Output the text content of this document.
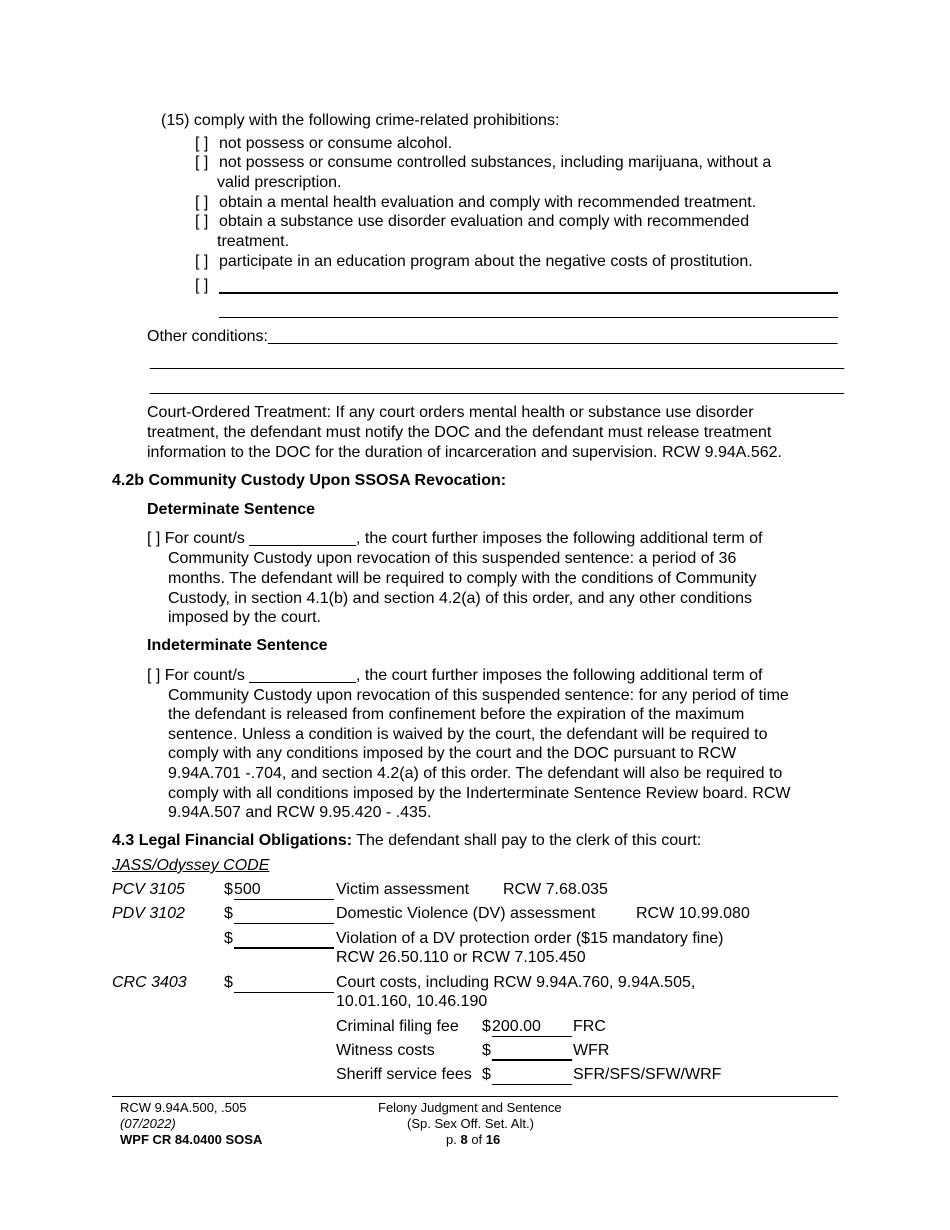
(15) comply with the following crime-related prohibitions:
[ ] not possess or consume alcohol.
[ ] not possess or consume controlled substances, including marijuana, without a
valid prescription.
[ ] obtain a mental health evaluation and comply with recommended treatment.
[ ] obtain a substance use disorder evaluation and comply with recommended
treatment.
[ ] participate in an education program about the negative costs of prostitution.
[ ]
Other conditions:________________________________________________________________
______________________________________________________________________________
______________________________________________________________________________
Court-Ordered Treatment: If any court orders mental health or substance use disorder
treatment, the defendant must notify the DOC and the defendant must release treatment
information to the DOC for the duration of incarceration and supervision. RCW 9.94A.562.
4.2b Community Custody Upon SSOSA Revocation:
Determinate Sentence
[ ] For count/s ____________, the court further imposes the following additional term of
Community Custody upon revocation of this suspended sentence: a period of 36
months. The defendant will be required to comply with the conditions of Community
Custody, in section 4.1(b) and section 4.2(a) of this order, and any other conditions
imposed by the court.
Indeterminate Sentence
[ ] For count/s ____________, the court further imposes the following additional term of
Community Custody upon revocation of this suspended sentence: for any period of time
the defendant is released from confinement before the expiration of the maximum
sentence. Unless a condition is waived by the court, the defendant will be required to
comply with any conditions imposed by the court and the DOC pursuant to RCW
9.94A.701 -.704, and section 4.2(a) of this order. The defendant will also be required to
comply with all conditions imposed by the Inderterminate Sentence Review board. RCW
9.94A.507 and RCW 9.95.420 - .435.
4.3 Legal Financial Obligations: The defendant shall pay to the clerk of this court:
JASS/Odyssey CODE
PCV 3105 $ 500	Victim assessment RCW 7.68.035
PDV 3102 $	Domestic Violence (DV) assessment	RCW 10.99.080
$	Violation of a DV protection order ($15 mandatory fine)
RCW 26.50.110 or RCW 7.105.450
CRC 3403 $	Court costs, including RCW 9.94A.760, 9.94A.505,
10.01.160, 10.46.190
Criminal filing fee $ 200.00	FRC
Witness costs	$	WFR
Sheriff service fees $	SFR/SFS/SFW/WRF
RCW 9.94A.500, .505
(07/2022)
WPF CR 84.0400 SOSA
Felony Judgment and Sentence
(Sp. Sex Off. Set. Alt.)
p. 8 of 16
